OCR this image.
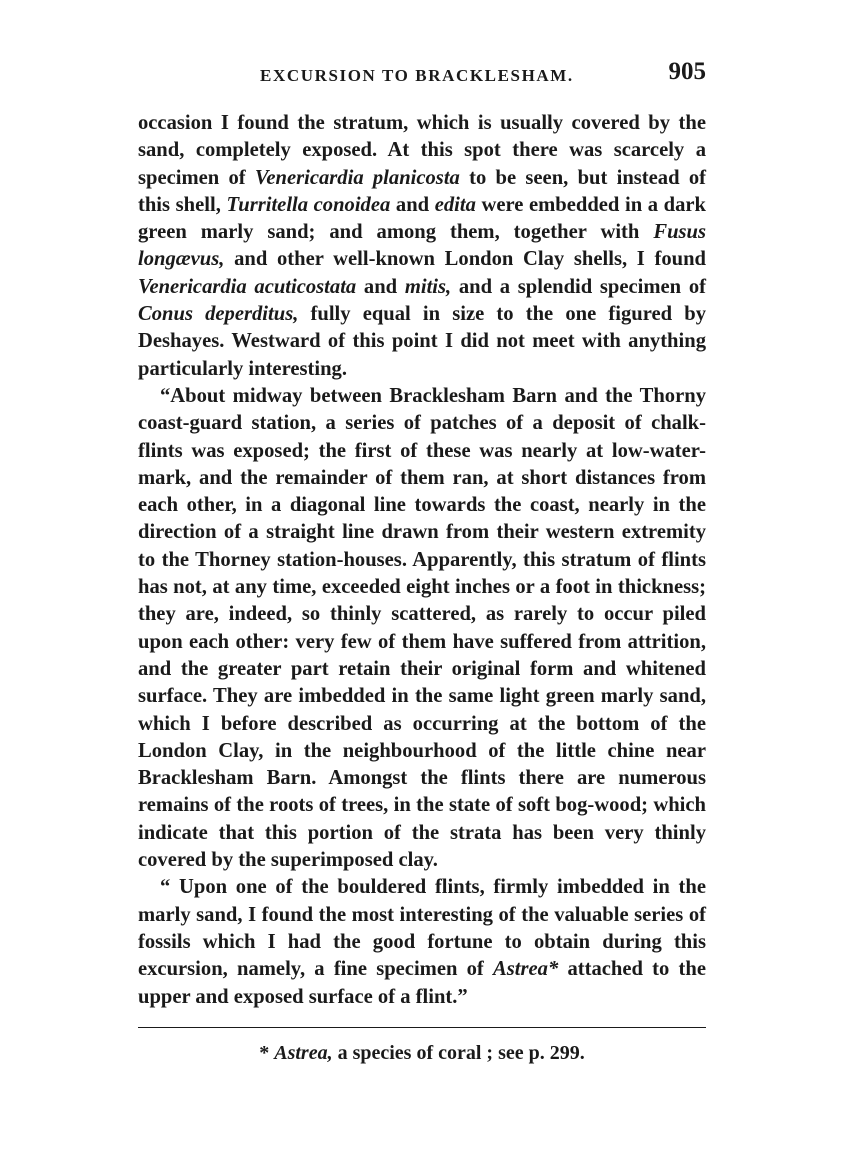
EXCURSION TO BRACKLESHAM.	905

occasion I found the stratum, which is usually covered by the sand, completely exposed. At this spot there was scarcely a specimen of Venericardia planicosta to be seen, but instead of this shell, Turritella conoidea and edita were embedded in a dark green marly sand; and among them, together with Fusus longævus, and other well-known London Clay shells, I found Venericardia acuticostata and mitis, and a splendid specimen of Conus deperditus, fully equal in size to the one figured by Deshayes. Westward of this point I did not meet with anything particularly interesting.

“About midway between Bracklesham Barn and the Thorny coast-guard station, a series of patches of a deposit of chalk-flints was exposed; the first of these was nearly at low-water-mark, and the remainder of them ran, at short distances from each other, in a diagonal line towards the coast, nearly in the direction of a straight line drawn from their western extremity to the Thorney station-houses. Apparently, this stratum of flints has not, at any time, exceeded eight inches or a foot in thickness; they are, indeed, so thinly scattered, as rarely to occur piled upon each other: very few of them have suffered from attrition, and the greater part retain their original form and whitened surface. They are imbedded in the same light green marly sand, which I before described as occurring at the bottom of the London Clay, in the neighbourhood of the little chine near Bracklesham Barn. Amongst the flints there are numerous remains of the roots of trees, in the state of soft bog-wood; which indicate that this portion of the strata has been very thinly covered by the superimposed clay.

“ Upon one of the bouldered flints, firmly imbedded in the marly sand, I found the most interesting of the valuable series of fossils which I had the good fortune to obtain during this excursion, namely, a fine specimen of Astrea* attached to the upper and exposed surface of a flint.”

* Astrea, a species of coral ; see p. 299.
